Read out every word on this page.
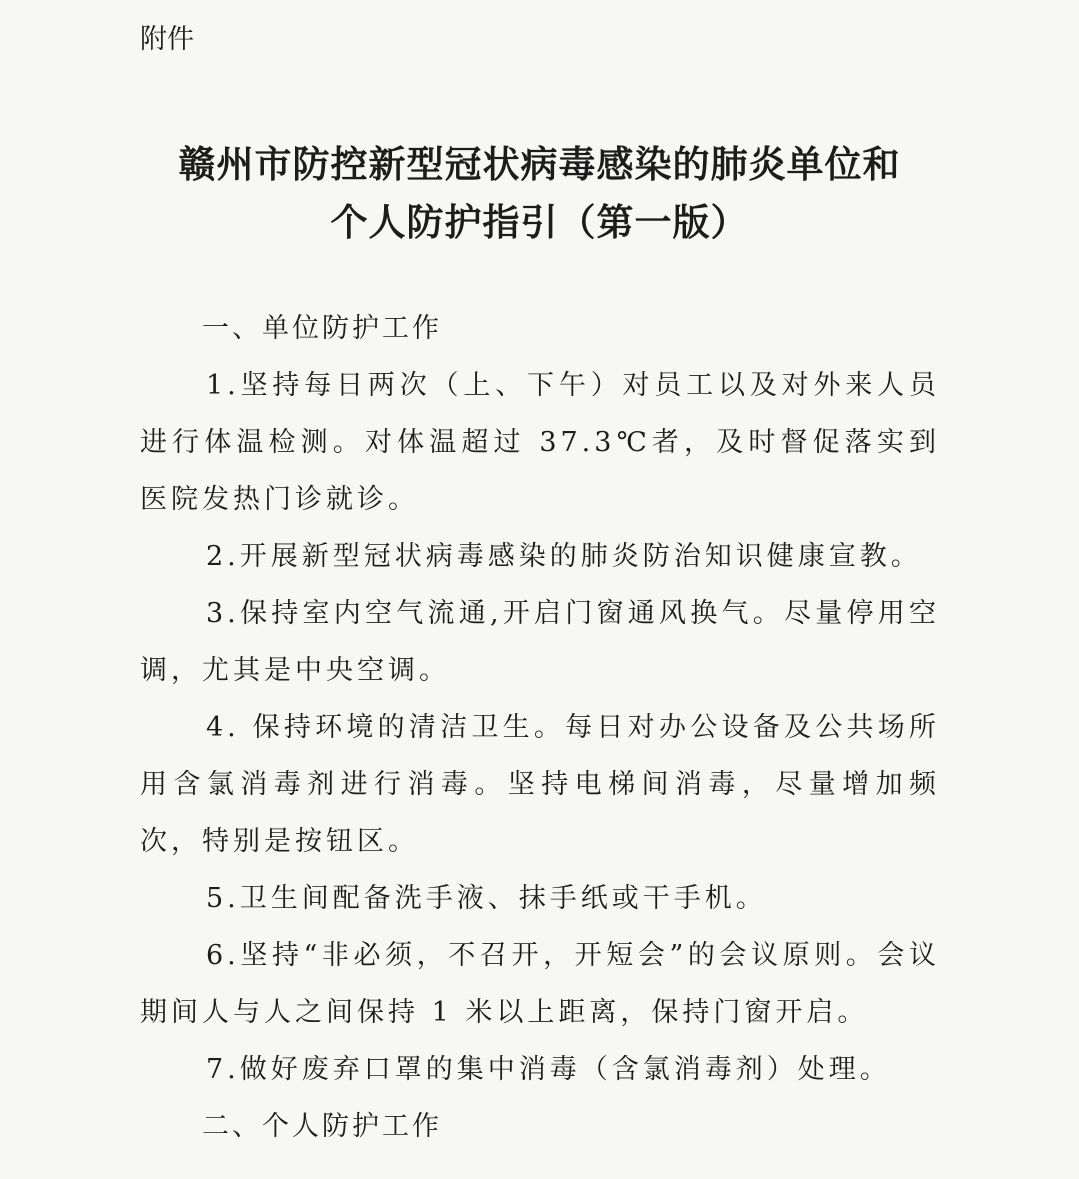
附件
赣州市防控新型冠状病毒感染的肺炎单位和
个人防护指引（第一版）
一、单位防护工作

1.坚持每日两次（上、下午）对员工以及对外来人员进行体温检测。对体温超过 37.3℃者，及时督促落实到医院发热门诊就诊。

2.开展新型冠状病毒感染的肺炎防治知识健康宣教。

3.保持室内空气流通,开启门窗通风换气。尽量停用空调，尤其是中央空调。

4. 保持环境的清洁卫生。每日对办公设备及公共场所用含氯消毒剂进行消毒。坚持电梯间消毒，尽量增加频次，特别是按钮区。

5.卫生间配备洗手液、抹手纸或干手机。

6.坚持“非必须，不召开，开短会”的会议原则。会议期间人与人之间保持 1 米以上距离，保持门窗开启。

7.做好废弃口罩的集中消毒（含氯消毒剂）处理。

二、个人防护工作
